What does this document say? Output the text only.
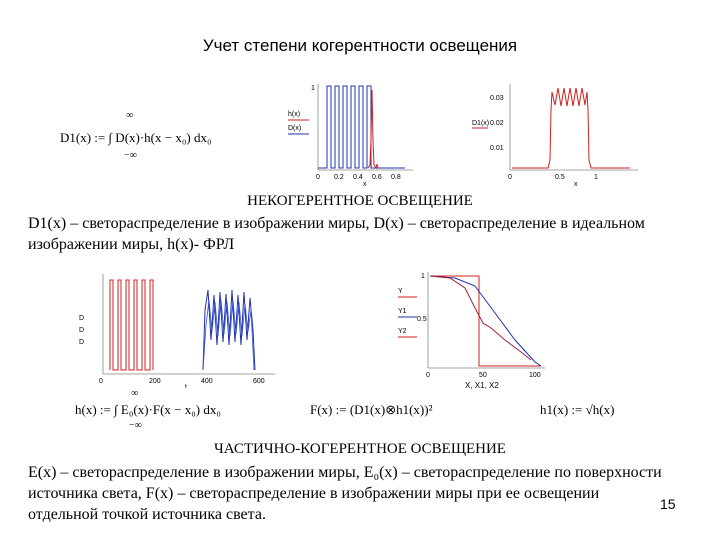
Учет степени когерентности освещения
∞
D1(x) := ∫ D(x)·h(x − x₀) dx₀
−∞
1
0 0.2 0.4 0.6 0.8
x
h(x)
D(x)
0.03
0.02
0.01
0	0.5	1
x
D1(x)
НЕКОГЕРЕНТНОЕ ОСВЕЩЕНИЕ
D1(x) – светораспределение в изображении миры, D(x) – светораспределение в идеальном изображении миры, h(x)- ФРЛ
0	200	400	600
t
D
D
D
1
0.5
0	50	100
X, X1, X2
Y
Y1
Y2
∞
h(x) := ∫ E₀(x)·F(x − x₀) dx₀
−∞
F(x) := (D1(x)⊗h1(x))²	h1(x) := √h(x)
ЧАСТИЧНО-КОГЕРЕНТНОЕ ОСВЕЩЕНИЕ
E(x) – светораспределение в изображении миры, E₀(x) – светораспределение по поверхности источника света, F(x) – светораспределение в изображении миры при ее освещении отдельной точкой источника света.
15
